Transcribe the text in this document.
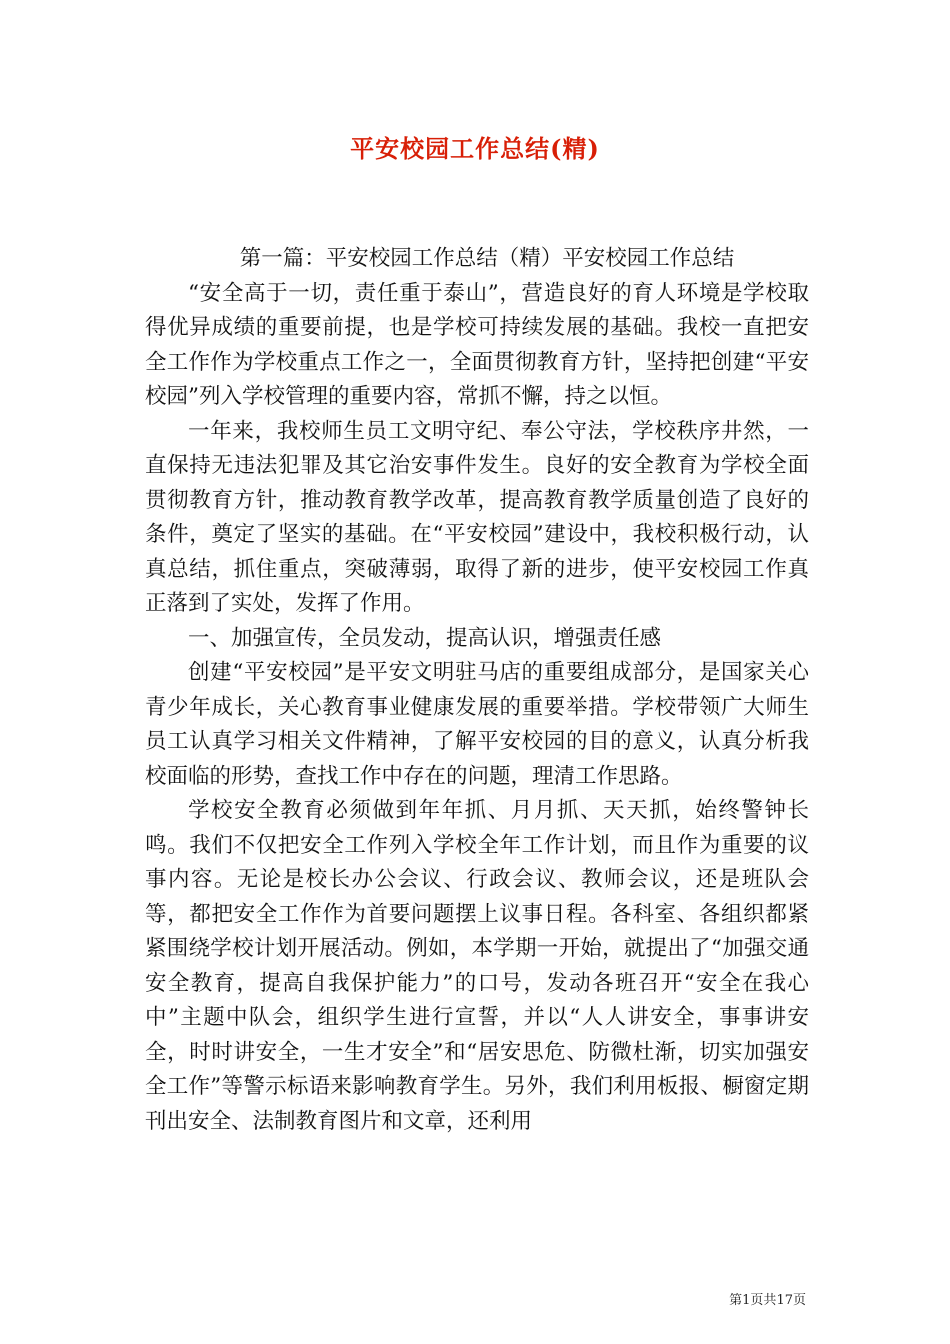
平安校园工作总结(精)

第一篇：平安校园工作总结（精）平安校园工作总结

“安全高于一切，责任重于泰山”，营造良好的育人环境是学校取得优异成绩的重要前提，也是学校可持续发展的基础。我校一直把安全工作作为学校重点工作之一，全面贯彻教育方针，坚持把创建“平安校园”列入学校管理的重要内容，常抓不懈，持之以恒。

一年来，我校师生员工文明守纪、奉公守法，学校秩序井然，一直保持无违法犯罪及其它治安事件发生。良好的安全教育为学校全面贯彻教育方针，推动教育教学改革，提高教育教学质量创造了良好的条件，奠定了坚实的基础。在“平安校园”建设中，我校积极行动，认真总结，抓住重点，突破薄弱，取得了新的进步，使平安校园工作真正落到了实处，发挥了作用。

一、加强宣传，全员发动，提高认识，增强责任感

创建“平安校园”是平安文明驻马店的重要组成部分，是国家关心青少年成长，关心教育事业健康发展的重要举措。学校带领广大师生员工认真学习相关文件精神，了解平安校园的目的意义，认真分析我校面临的形势，查找工作中存在的问题，理清工作思路。

学校安全教育必须做到年年抓、月月抓、天天抓，始终警钟长鸣。我们不仅把安全工作列入学校全年工作计划，而且作为重要的议事内容。无论是校长办公会议、行政会议、教师会议，还是班队会等，都把安全工作作为首要问题摆上议事日程。各科室、各组织都紧紧围绕学校计划开展活动。例如，本学期一开始，就提出了“加强交通安全教育，提高自我保护能力”的口号，发动各班召开“安全在我心中”主题中队会，组织学生进行宣誓，并以“人人讲安全，事事讲安全，时时讲安全，一生才安全”和“居安思危、防微杜渐，切实加强安全工作”等警示标语来影响教育学生。另外，我们利用板报、橱窗定期刊出安全、法制教育图片和文章，还利用

第1页共17页
